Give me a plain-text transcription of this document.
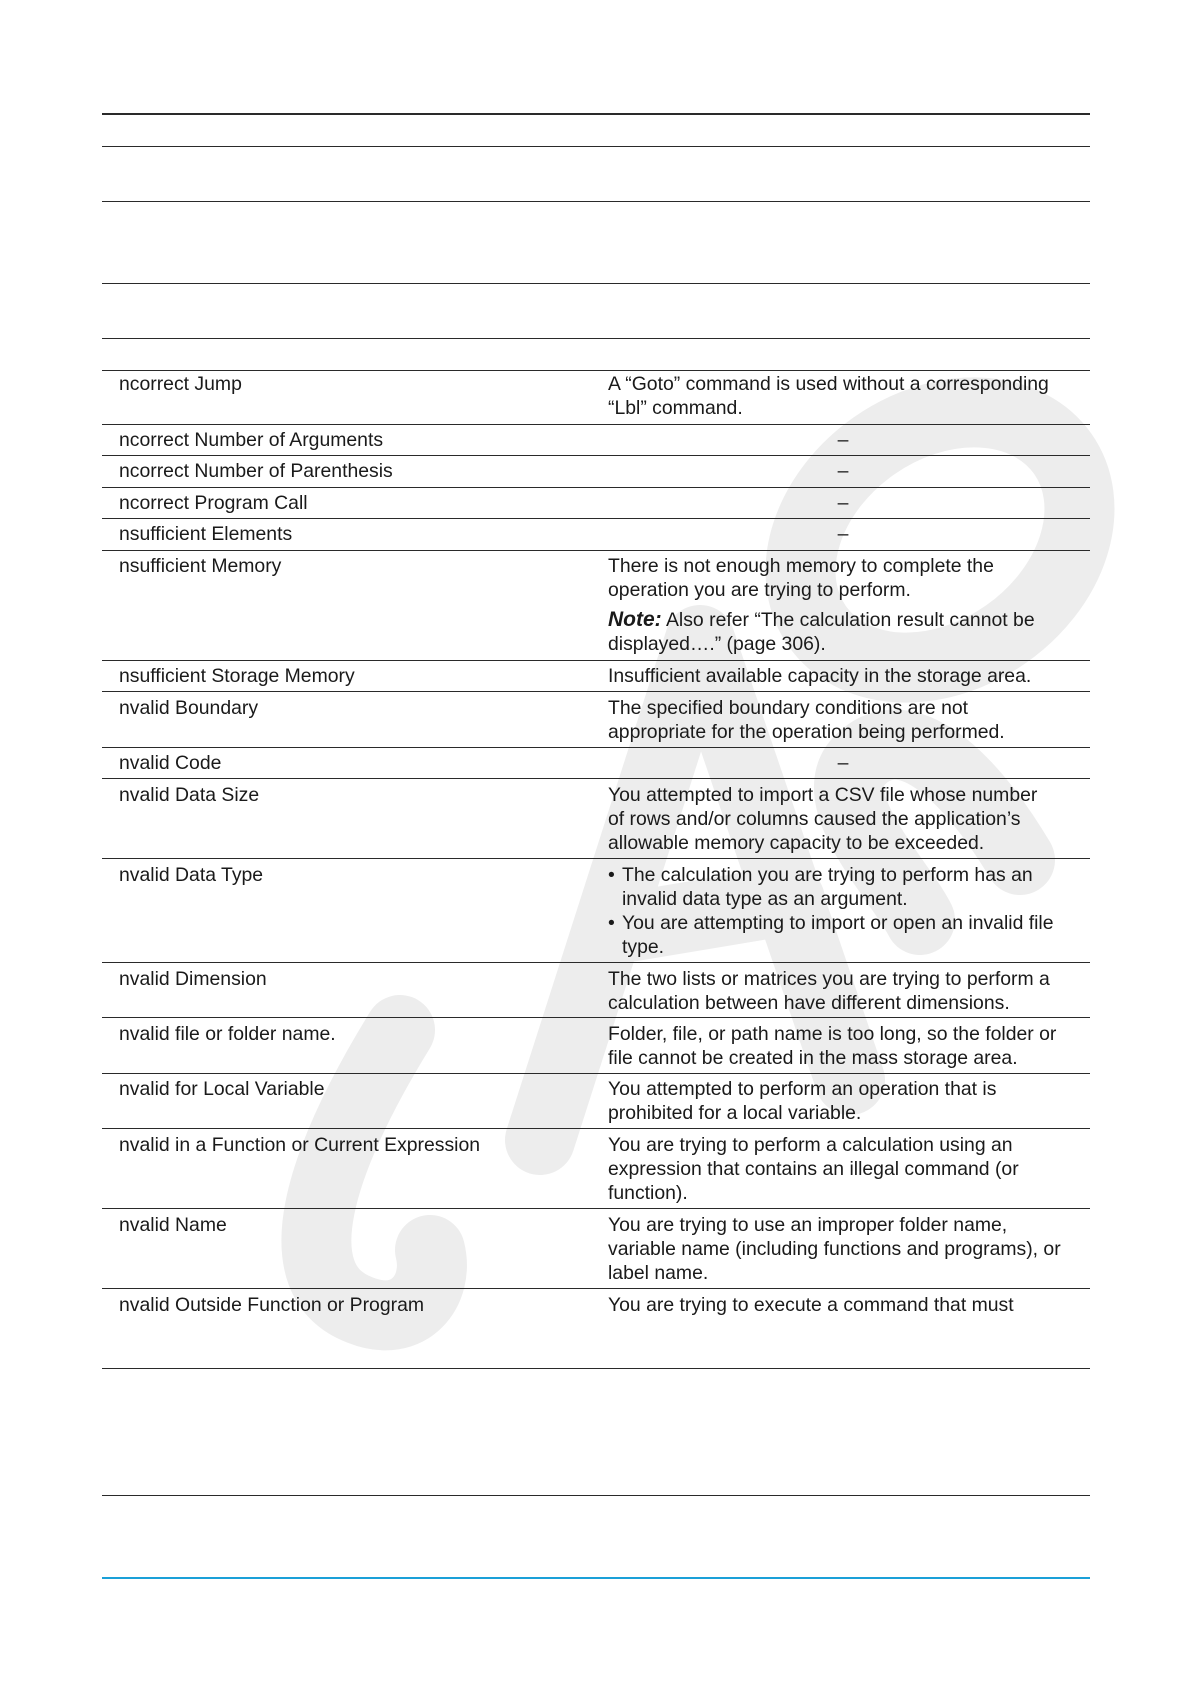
ncorrect Jump	A “Goto” command is used without a corresponding
“Lbl” command.
ncorrect Number of Arguments	–
ncorrect Number of Parenthesis	–
ncorrect Program Call	–
nsufficient Elements	–
nsufficient Memory	There is not enough memory to complete the
operation you are trying to perform.
Note: Also refer “The calculation result cannot be
displayed….” (page 306).
nsufficient Storage Memory	Insufficient available capacity in the storage area.
nvalid Boundary	The specified boundary conditions are not
appropriate for the operation being performed.
nvalid Code	–
nvalid Data Size	You attempted to import a CSV file whose number
of rows and/or columns caused the application’s
allowable memory capacity to be exceeded.
nvalid Data Type	• The calculation you are trying to perform has an
invalid data type as an argument.
• You are attempting to import or open an invalid file
type.
nvalid Dimension	The two lists or matrices you are trying to perform a
calculation between have different dimensions.
nvalid file or folder name.	Folder, file, or path name is too long, so the folder or
file cannot be created in the mass storage area.
nvalid for Local Variable	You attempted to perform an operation that is
prohibited for a local variable.
nvalid in a Function or Current Expression	You are trying to perform a calculation using an
expression that contains an illegal command (or
function).
nvalid Name	You are trying to use an improper folder name,
variable name (including functions and programs), or
label name.
nvalid Outside Function or Program	You are trying to execute a command that must
